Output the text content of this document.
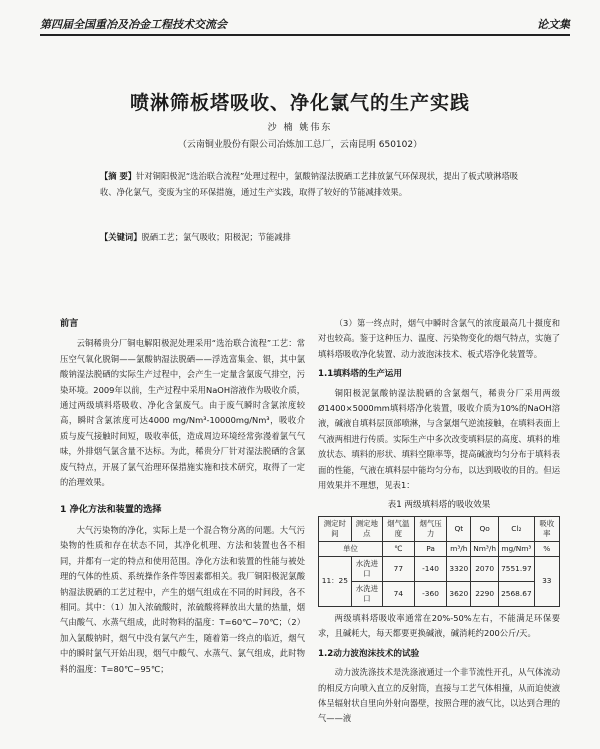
第四届全国重冶及冶金工程技术交流会	论文集
喷淋筛板塔吸收、净化氯气的生产实践
沙 楠 姚伟东
（云南铜业股份有限公司冶炼加工总厂，云南昆明 650102）
【摘 要】针对铜阳极泥“选治联合流程”处理过程中，氯酸钠湿法脱硒工艺排放氯气环保现状，提出了板式喷淋塔吸收、净化氯气，变废为宝的环保措施，通过生产实践，取得了较好的节能减排效果。
【关键词】脱硒工艺；氯气吸收；阳极泥；节能减排
前言

云铜稀贵分厂铜电解阳极泥处理采用“选治联合流程”工艺：常压空气氧化脱铜——氯酸钠湿法脱硒——浮选富集金、银，其中氯酸钠湿法脱硒的实际生产过程中，会产生一定量含氯废气排空，污染环境。2009年以前，生产过程中采用NaOH溶液作为吸收介质，通过两级填料塔吸收、净化含氯废气。由于废气瞬时含氯浓度较高，瞬时含氯浓度可达4000 mg/Nm³-10000mg/Nm³，吸收介质与废气接触时间短，吸收率低，造成周边环境经常弥漫着氯气气味，外排烟气氯含量不达标。为此，稀贵分厂针对湿法脱硒的含氯废气特点，开展了氯气治理环保措施实施和技术研究，取得了一定的治理效果。

1 净化方法和装置的选择

大气污染物的净化，实际上是一个混合物分离的问题。大气污染物的性质和存在状态不同，其净化机理、方法和装置也各不相同，并都有一定的特点和使用范围。净化方法和装置的性能与被处理的气体的性质、系统操作条件等因素都相关。我厂铜阳极泥氯酸钠湿法脱硒的工艺过程中，产生的烟气组成在不同的时间段，各不相同。其中：（1）加入浓硫酸时，浓硫酸将释放出大量的热量，烟气由酸气、水蒸气组成，此时物料的温度：T=60℃~70℃；（2）加入氯酸钠时，烟气中没有氯气产生，随着第一终点的临近，烟气中的瞬时氯气开始出现，烟气中酸气、水蒸气、氯气组成，此时物料的温度：T=80℃~95℃；

（3）第一终点时，烟气中瞬时含氯气的浓度最高几十摄度和对也较高。鉴于这种压力、温度、污染物变化的烟气特点，实施了填料塔吸收净化装置、动力波泡沫技术、板式塔净化装置等。

1.1填料塔的生产运用

铜阳极泥氯酸钠湿法脱硒的含氯烟气，稀贵分厂采用两级Ø1400×5000mm填料塔净化装置，吸收介质为10%的NaOH溶液，碱液自填料层顶部喷淋，与含氯烟气逆流接触，在填料表面上气液两相进行传质。实际生产中多次改变填料层的高度、填料的堆放状态、填料的形状、填料空隙率等，提高碱液均匀分布于填料表面的性能，气液在填料层中能均匀分布，以达到吸收的目的。但运用效果并不理想，见表1：

表1 两级填料塔的吸收效果
测定时间	测定地点	烟气温度	烟气压力	Qt	Qo	Cl₂	吸收率
单位		℃	Pa	m³/h	Nm³/h	mg/Nm³	%
11：25	水洗进口	77	-140	3320	2070	7551.97	33
	水洗进口	74	-360	3620	2290	2568.67	

两级填料塔吸收率通常在20%-50%左右，不能满足环保要求，且碱耗大，每天都要更换碱液，碱消耗约200公斤/天。

1.2动力波泡沫技术的试验

动力波洗涤技术是洗涤液通过一个非节流性开孔，从气体流动的相反方向喷入直立的反射筒，直接与工艺气体相撞，从而迫使液体呈辐射状自里向外射向器壁，按照合理的液气比，以达到合理的气——液
